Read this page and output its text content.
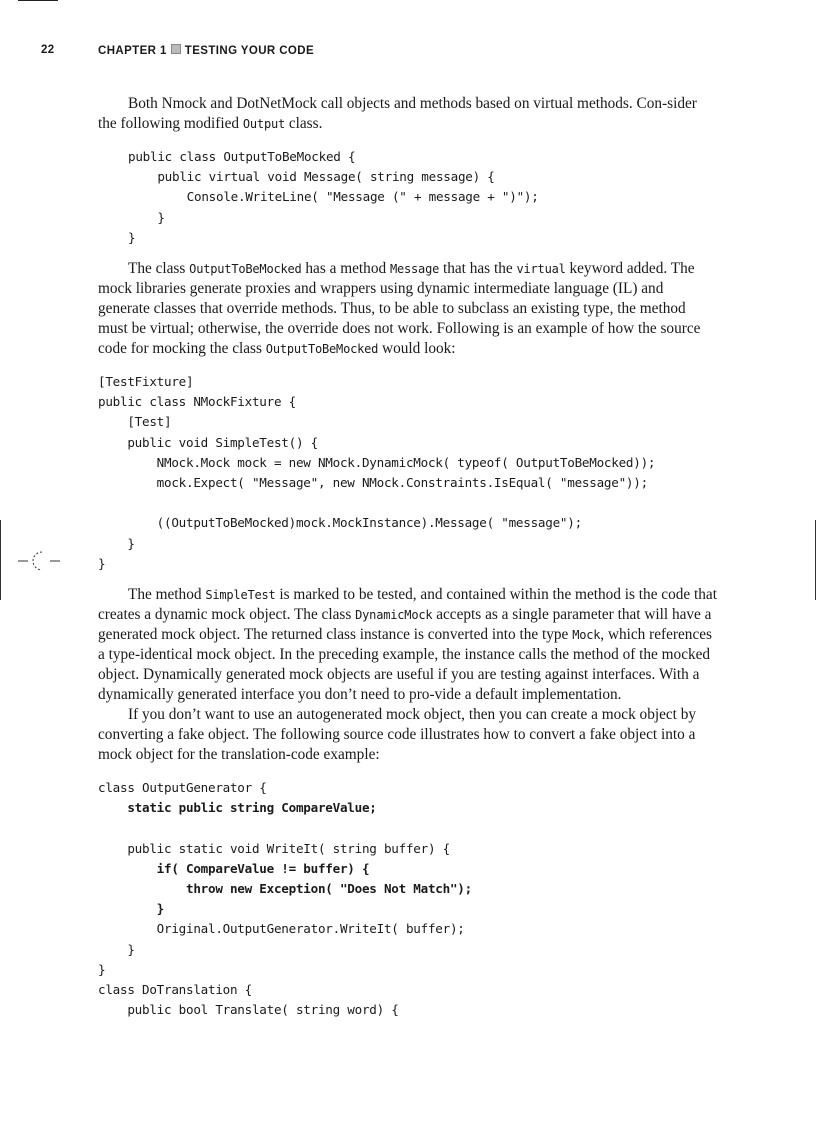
22	CHAPTER 1 TESTING YOUR CODE

Both Nmock and DotNetMock call objects and methods based on virtual methods. Con-sider the following modified Output class.

public class OutputToBeMocked {
public virtual void Message( string message) {
Console.WriteLine( "Message (" + message + ")");
}
}

The class OutputToBeMocked has a method Message that has the virtual keyword added. The mock libraries generate proxies and wrappers using dynamic intermediate language (IL) and generate classes that override methods. Thus, to be able to subclass an existing type, the method must be virtual; otherwise, the override does not work. Following is an example of how the source code for mocking the class OutputToBeMocked would look:

[TestFixture]
public class NMockFixture {
[Test]
public void SimpleTest() {
NMock.Mock mock = new NMock.DynamicMock( typeof( OutputToBeMocked));
mock.Expect( "Message", new NMock.Constraints.IsEqual( "message"));

((OutputToBeMocked)mock.MockInstance).Message( "message");
}
}

The method SimpleTest is marked to be tested, and contained within the method is the code that creates a dynamic mock object. The class DynamicMock accepts as a single parameter that will have a generated mock object. The returned class instance is converted into the type Mock, which references a type-identical mock object. In the preceding example, the instance calls the method of the mocked object. Dynamically generated mock objects are useful if you are testing against interfaces. With a dynamically generated interface you don’t need to pro-vide a default implementation.

If you don’t want to use an autogenerated mock object, then you can create a mock object by converting a fake object. The following source code illustrates how to convert a fake object into a mock object for the translation-code example:

class OutputGenerator {
static public string CompareValue;

public static void WriteIt( string buffer) {
if( CompareValue != buffer) {
throw new Exception( "Does Not Match");
}
Original.OutputGenerator.WriteIt( buffer);
}
}
class DoTranslation {
public bool Translate( string word) {
